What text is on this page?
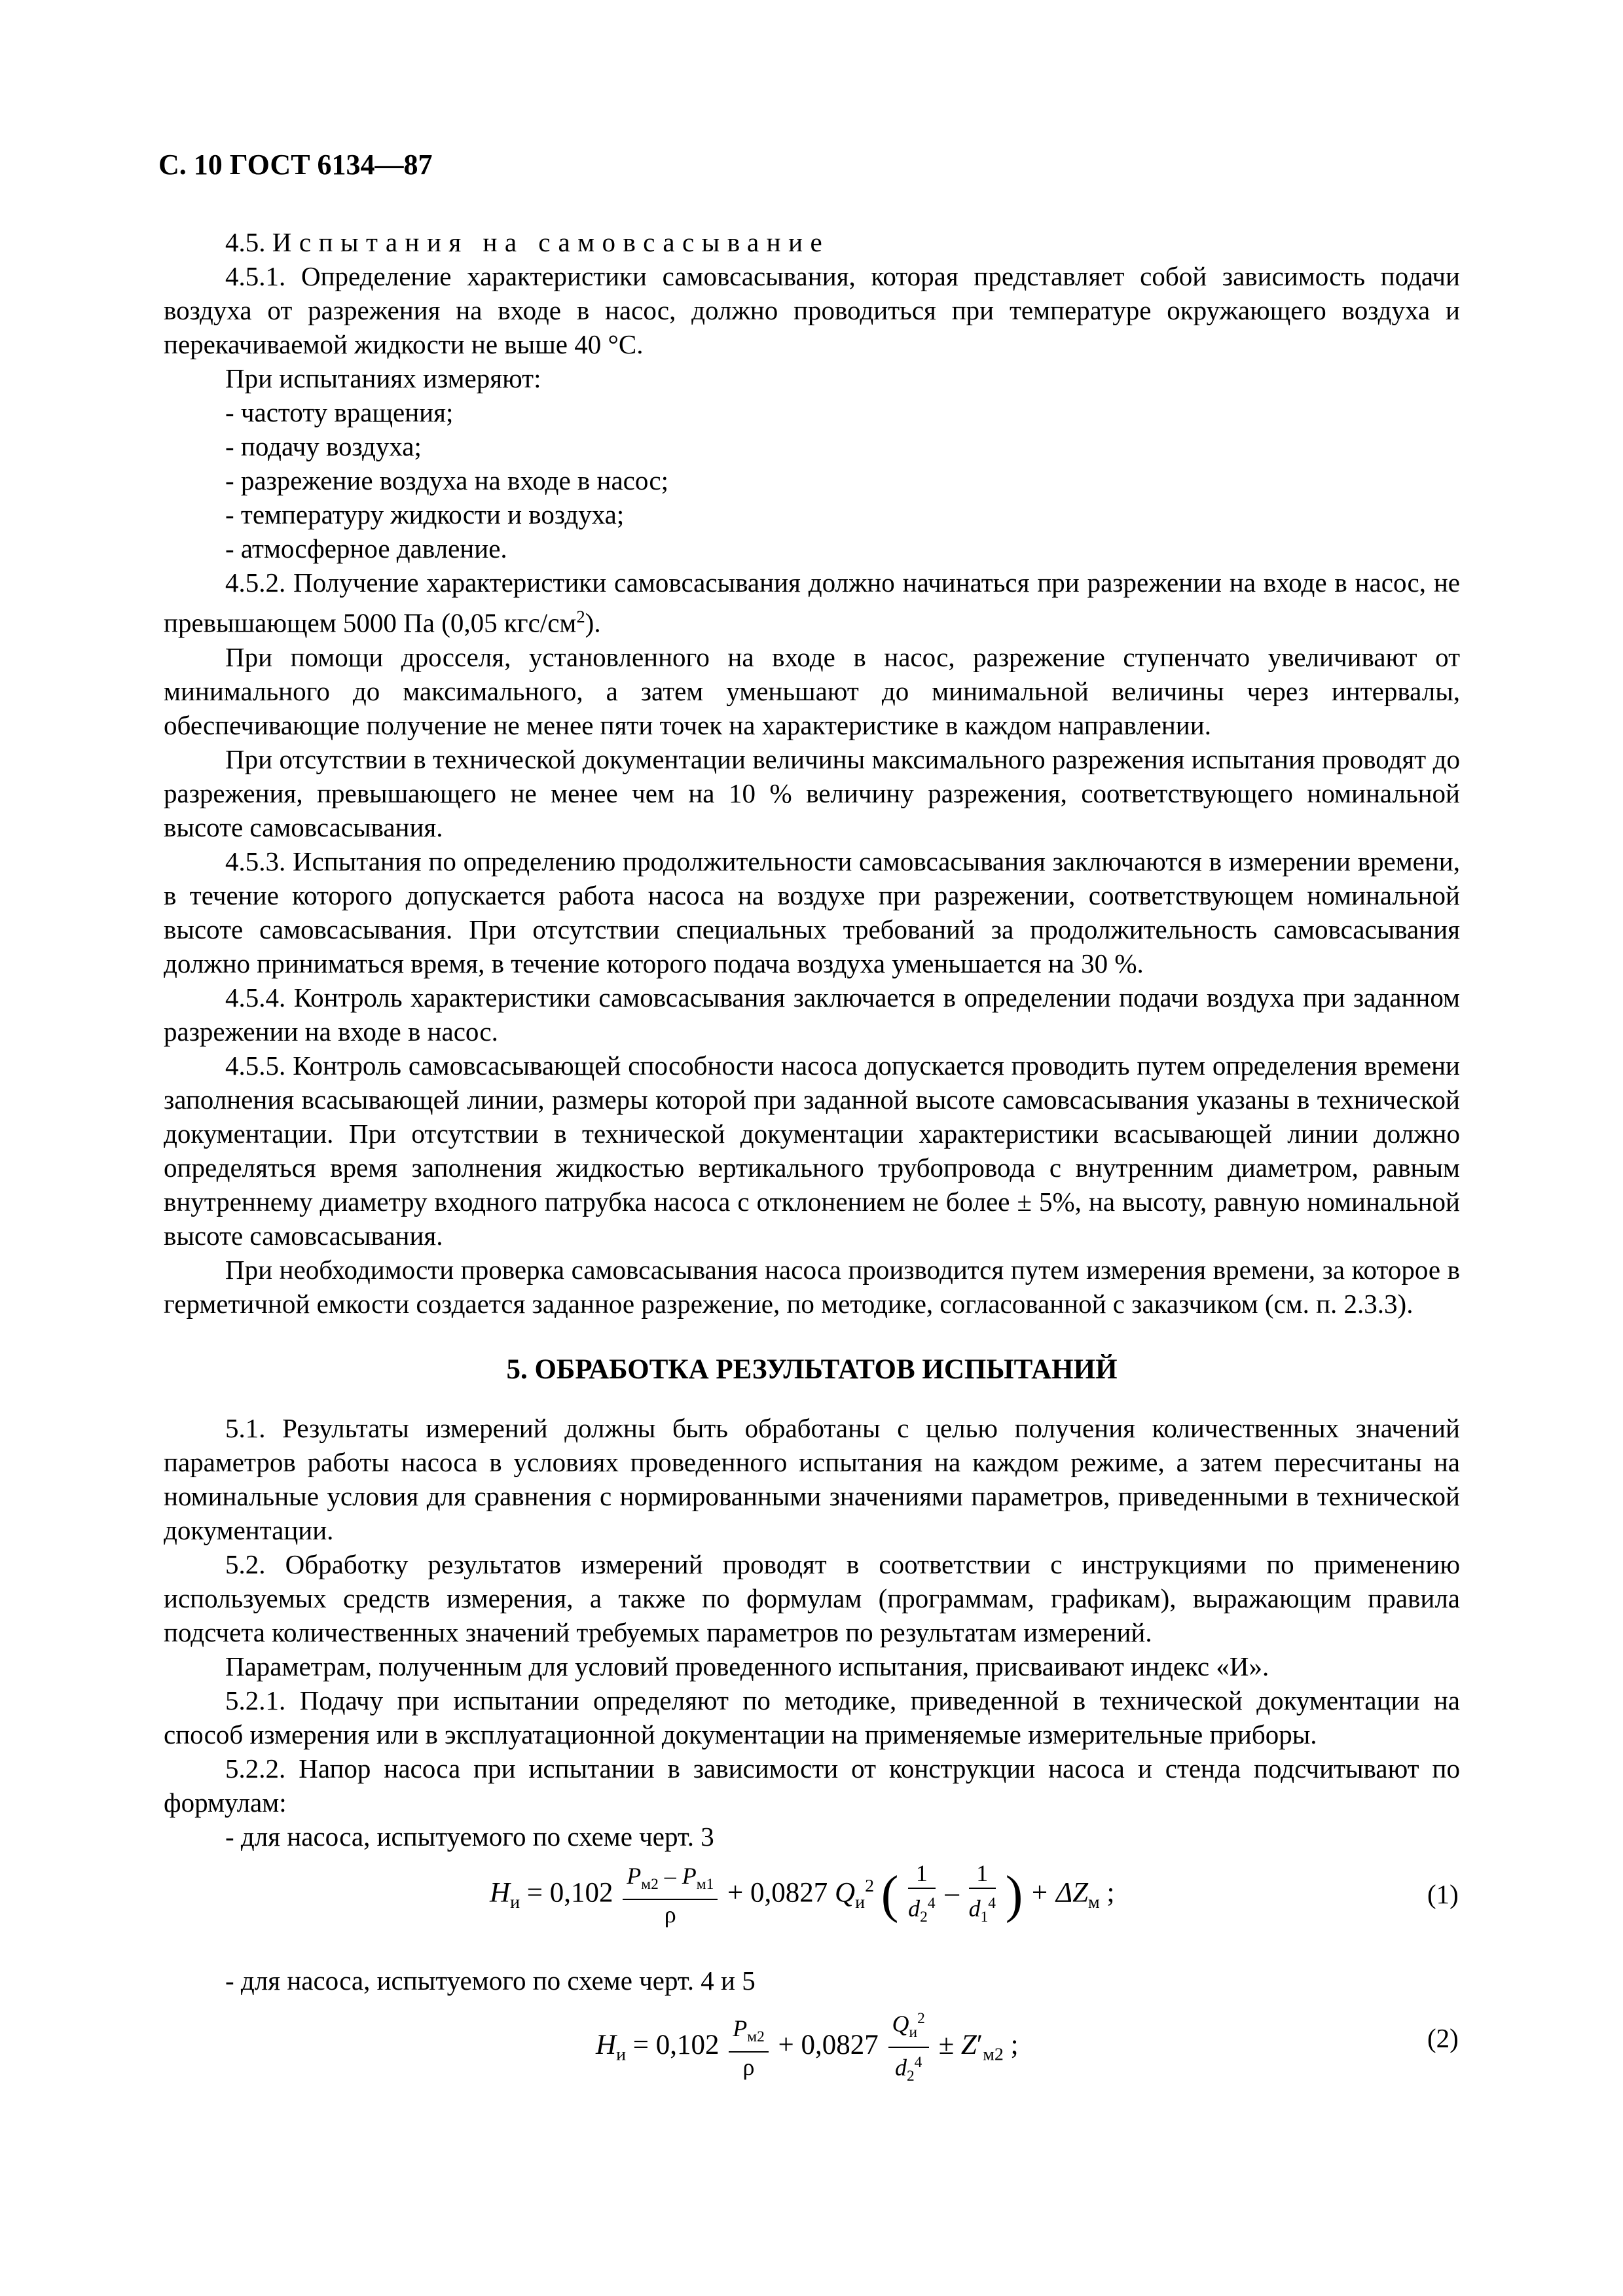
С. 10 ГОСТ 6134—87
4.5. Испытания на самовсасывание
4.5.1. Определение характеристики самовсасывания, которая представляет собой зависимость подачи воздуха от разрежения на входе в насос, должно проводиться при температуре окружающего воздуха и перекачиваемой жидкости не выше 40 °С.
При испытаниях измеряют:
- частоту вращения;
- подачу воздуха;
- разрежение воздуха на входе в насос;
- температуру жидкости и воздуха;
- атмосферное давление.
4.5.2. Получение характеристики самовсасывания должно начинаться при разрежении на входе в насос, не превышающем 5000 Па (0,05 кгс/$см^2$).
При помощи дросселя, установленного на входе в насос, разрежение ступенчато увеличивают от минимального до максимального, а затем уменьшают до минимальной величины через интервалы, обеспечивающие получение не менее пяти точек на характеристике в каждом направлении.
При отсутствии в технической документации величины максимального разрежения испытания проводят до разрежения, превышающего не менее чем на 10 % величину разрежения, соответствующего номинальной высоте самовсасывания.
4.5.3. Испытания по определению продолжительности самовсасывания заключаются в измерении времени, в течение которого допускается работа насоса на воздухе при разрежении, соответствующем номинальной высоте самовсасывания. При отсутствии специальных требований за продолжительность самовсасывания должно приниматься время, в течение которого подача воздуха уменьшается на 30 %.
4.5.4. Контроль характеристики самовсасывания заключается в определении подачи воздуха при заданном разрежении на входе в насос.
4.5.5. Контроль самовсасывающей способности насоса допускается проводить путем определения времени заполнения всасывающей линии, размеры которой при заданной высоте самовсасывания указаны в технической документации. При отсутствии в технической документации характеристики всасывающей линии должно определяться время заполнения жидкостью вертикального трубопровода с внутренним диаметром, равным внутреннему диаметру входного патрубка насоса с отклонением не более ± 5%, на высоту, равную номинальной высоте самовсасывания.
При необходимости проверка самовсасывания насоса производится путем измерения времени, за которое в герметичной емкости создается заданное разрежение, по методике, согласованной с заказчиком (см. п. 2.3.3).
5. ОБРАБОТКА РЕЗУЛЬТАТОВ ИСПЫТАНИЙ
5.1. Результаты измерений должны быть обработаны с целью получения количественных значений параметров работы насоса в условиях проведенного испытания на каждом режиме, а затем пересчитаны на номинальные условия для сравнения с нормированными значениями параметров, приведенными в технической документации.
5.2. Обработку результатов измерений проводят в соответствии с инструкциями по применению используемых средств измерения, а также по формулам (программам, графикам), выражающим правила подсчета количественных значений требуемых параметров по результатам измерений.
Параметрам, полученным для условий проведенного испытания, присваивают индекс «И».
5.2.1. Подачу при испытании определяют по методике, приведенной в технической документации на способ измерения или в эксплуатационной документации на применяемые измерительные приборы.
5.2.2. Напор насоса при испытании в зависимости от конструкции насоса и стенда подсчитывают по формулам:
- для насоса, испытуемого по схеме черт. 3
$H_и = 0,102 \frac{P_{м2} - P_{м1}}{\rho} + 0,0827$ $Q_и^2$ ( $\frac{1}{d_2^4} - \frac{1}{d_1^4}$ ) + $\Delta Z_м$ ;	(1)
- для насоса, испытуемого по схеме черт. 4 и 5
$H_и = 0,102 \frac{P_{м2}}{\rho} + 0,0827 \frac{Q_и^2}{d_2^4} \pm Z'_{м2}$ ;	(2)
